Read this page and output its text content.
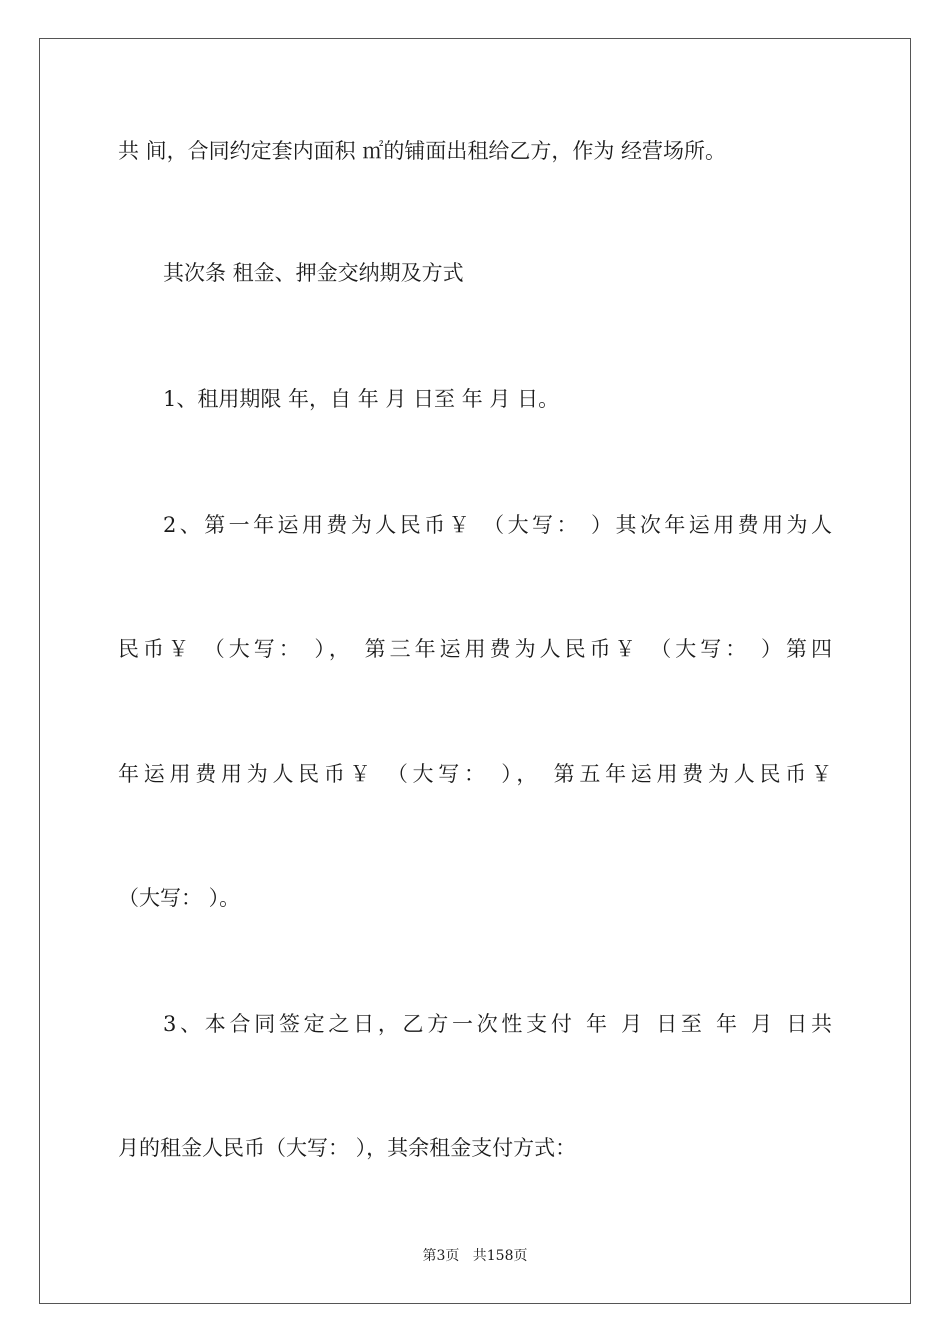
共 间，合同约定套内面积 ㎡的铺面出租给乙方，作为 经营场所。

其次条 租金、押金交纳期及方式

1、租用期限 年，自 年 月 日至 年 月 日。

2、第一年运用费为人民币￥ （大写： ）其次年运用费用为人

民币￥ （大写： ）， 第三年运用费为人民币￥ （大写： ）第四

年运用费用为人民币￥ （大写： ）， 第五年运用费为人民币￥

（大写： ）。

3、本合同签定之日，乙方一次性支付 年 月 日至 年 月 日共

月的租金人民币（大写： ），其余租金支付方式：

第3页   共158页
